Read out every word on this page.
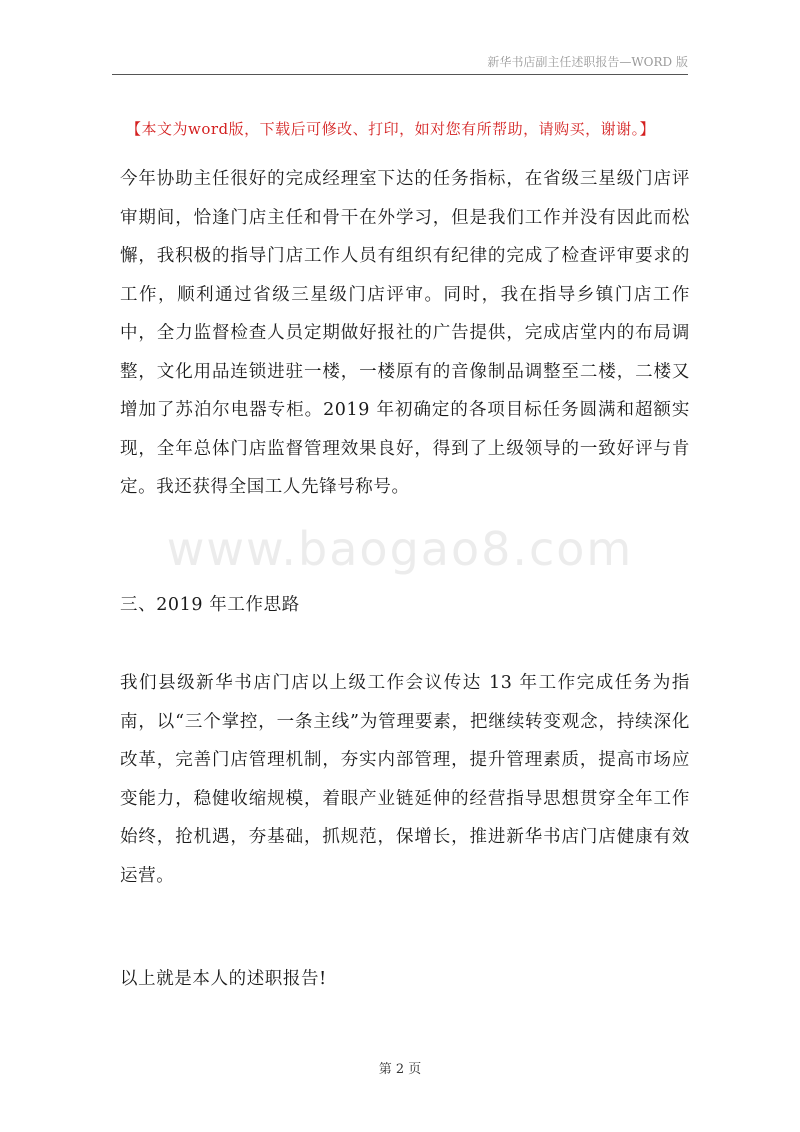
新华书店副主任述职报告—WORD 版
【本文为word版，下载后可修改、打印，如对您有所帮助，请购买，谢谢。】

今年协助主任很好的完成经理室下达的任务指标，在省级三星级门店评审期间，恰逢门店主任和骨干在外学习，但是我们工作并没有因此而松懈，我积极的指导门店工作人员有组织有纪律的完成了检查评审要求的工作，顺利通过省级三星级门店评审。同时，我在指导乡镇门店工作中，全力监督检查人员定期做好报社的广告提供，完成店堂内的布局调整，文化用品连锁进驻一楼，一楼原有的音像制品调整至二楼，二楼又增加了苏泊尔电器专柜。2019 年初确定的各项目标任务圆满和超额实现，全年总体门店监督管理效果良好，得到了上级领导的一致好评与肯定。我还获得全国工人先锋号称号。

www.baogao8.com

三、2019 年工作思路

我们县级新华书店门店以上级工作会议传达 13 年工作完成任务为指南，以“三个掌控，一条主线”为管理要素，把继续转变观念，持续深化改革，完善门店管理机制，夯实内部管理，提升管理素质，提高市场应变能力，稳健收缩规模，着眼产业链延伸的经营指导思想贯穿全年工作始终，抢机遇，夯基础，抓规范，保增长，推进新华书店门店健康有效运营。

以上就是本人的述职报告!

第 2 页
